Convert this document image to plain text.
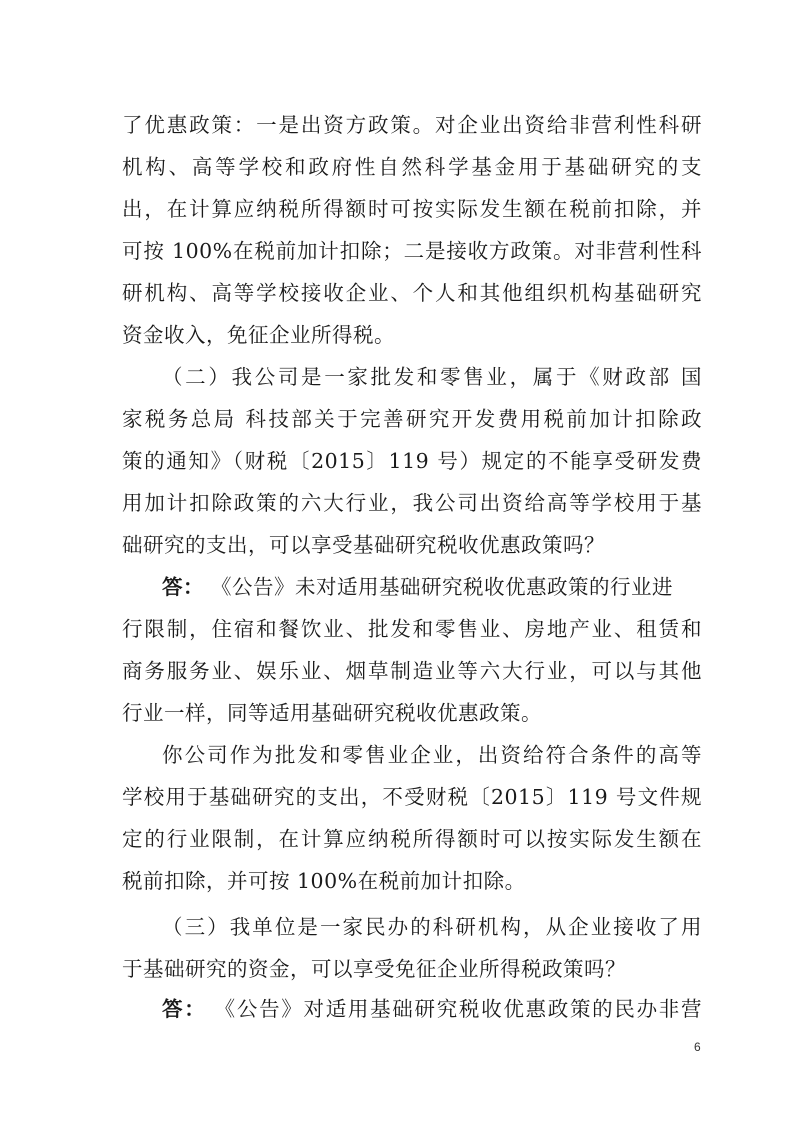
了优惠政策：一是出资方政策。对企业出资给非营利性科研
机构、高等学校和政府性自然科学基金用于基础研究的支
出，在计算应纳税所得额时可按实际发生额在税前扣除，并
可按 100%在税前加计扣除；二是接收方政策。对非营利性科
研机构、高等学校接收企业、个人和其他组织机构基础研究
资金收入，免征企业所得税。
（二）我公司是一家批发和零售业，属于《财政部 国
家税务总局 科技部关于完善研究开发费用税前加计扣除政
策的通知》（财税〔2015〕119 号）规定的不能享受研发费
用加计扣除政策的六大行业，我公司出资给高等学校用于基
础研究的支出，可以享受基础研究税收优惠政策吗？
答： 《公告》未对适用基础研究税收优惠政策的行业进
行限制，住宿和餐饮业、批发和零售业、房地产业、租赁和
商务服务业、娱乐业、烟草制造业等六大行业，可以与其他
行业一样，同等适用基础研究税收优惠政策。
你公司作为批发和零售业企业，出资给符合条件的高等
学校用于基础研究的支出，不受财税〔2015〕119 号文件规
定的行业限制，在计算应纳税所得额时可以按实际发生额在
税前扣除，并可按 100%在税前加计扣除。
（三）我单位是一家民办的科研机构，从企业接收了用
于基础研究的资金，可以享受免征企业所得税政策吗？
答： 《公告》对适用基础研究税收优惠政策的民办非营
6
